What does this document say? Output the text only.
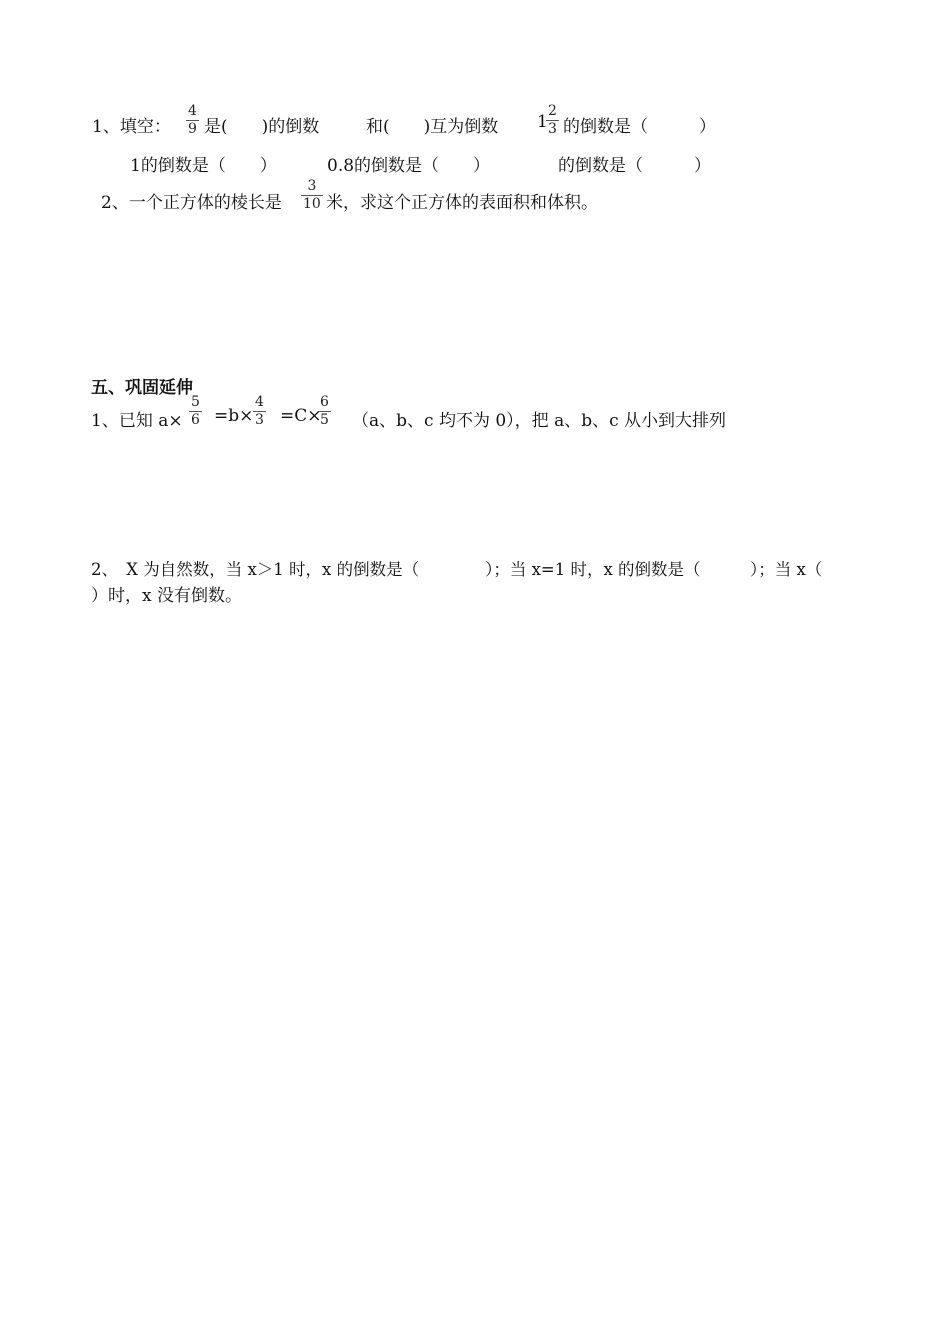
1、填空：
4
9 是(　　)的倒数	和(　　)互为倒数 1
2
3 的倒数是（　　　）
1的倒数是（　　）	0.8的倒数是（　　）	的倒数是（　　　）
2、一个正方体的棱长是
3
10 米，求这个正方体的表面积和体积。
五、巩固延伸
1、已知 a×
5
6 =b×
4
3 =C×
6
5 （a、b、c 均不为 0），把 a、b、c 从小到大排列
2、　X 为自然数，当 x＞1 时，x 的倒数是（　　　　）；当 x=1 时，x 的倒数是（　　　）；当 x（
）时，x 没有倒数。
